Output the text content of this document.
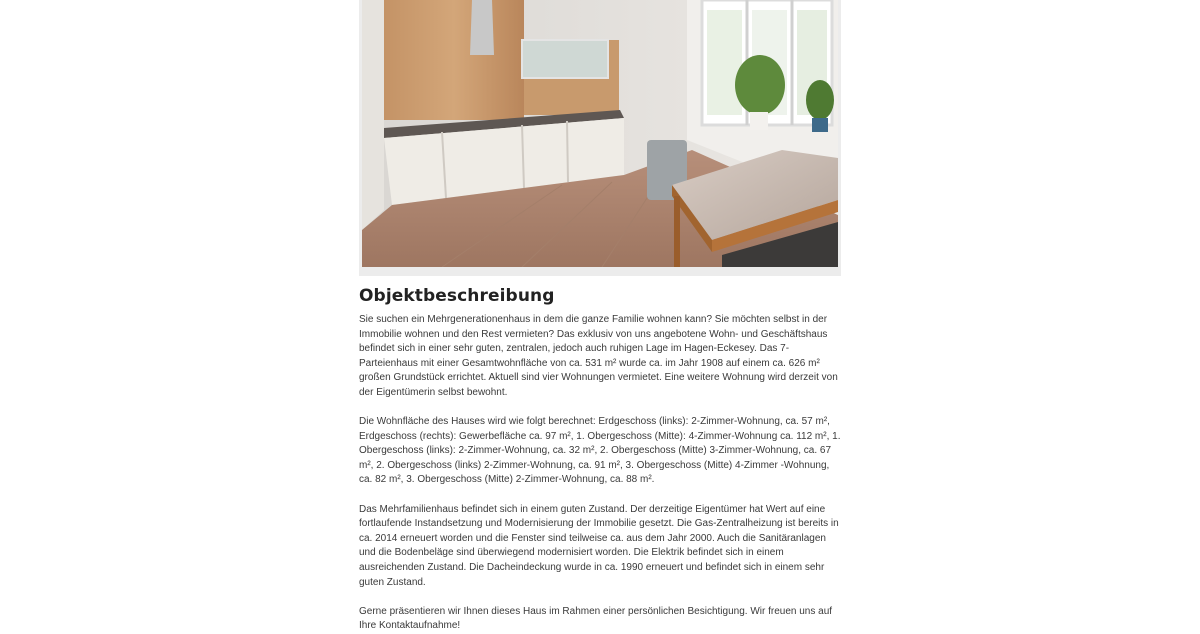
Objektbeschreibung

Sie suchen ein Mehrgenerationenhaus in dem die ganze Familie wohnen kann? Sie möchten selbst in der Immobilie wohnen und den Rest vermieten? Das exklusiv von uns angebotene Wohn- und Geschäftshaus befindet sich in einer sehr guten, zentralen, jedoch auch ruhigen Lage im Hagen-Eckesey. Das 7-Parteienhaus mit einer Gesamtwohnfläche von ca. 531 m² wurde ca. im Jahr 1908 auf einem ca. 626 m² großen Grundstück errichtet. Aktuell sind vier Wohnungen vermietet. Eine weitere Wohnung wird derzeit von der Eigentümerin selbst bewohnt.

Die Wohnfläche des Hauses wird wie folgt berechnet: Erdgeschoss (links): 2-Zimmer-Wohnung, ca. 57 m², Erdgeschoss (rechts): Gewerbefläche ca. 97 m², 1. Obergeschoss (Mitte): 4-Zimmer-Wohnung ca. 112 m², 1. Obergeschoss (links): 2-Zimmer-Wohnung, ca. 32 m², 2. Obergeschoss (Mitte) 3-Zimmer-Wohnung, ca. 67 m², 2. Obergeschoss (links) 2-Zimmer-Wohnung, ca. 91 m², 3. Obergeschoss (Mitte) 4-Zimmer -Wohnung, ca. 82 m², 3. Obergeschoss (Mitte) 2-Zimmer-Wohnung, ca. 88 m².

Das Mehrfamilienhaus befindet sich in einem guten Zustand. Der derzeitige Eigentümer hat Wert auf eine fortlaufende Instandsetzung und Modernisierung der Immobilie gesetzt. Die Gas-Zentralheizung ist bereits in ca. 2014 erneuert worden und die Fenster sind teilweise ca. aus dem Jahr 2000. Auch die Sanitäranlagen und die Bodenbeläge sind überwiegend modernisiert worden. Die Elektrik befindet sich in einem ausreichenden Zustand. Die Dacheindeckung wurde in ca. 1990 erneuert und befindet sich in einem sehr guten Zustand.

Gerne präsentieren wir Ihnen dieses Haus im Rahmen einer persönlichen Besichtigung. Wir freuen uns auf Ihre Kontaktaufnahme!
